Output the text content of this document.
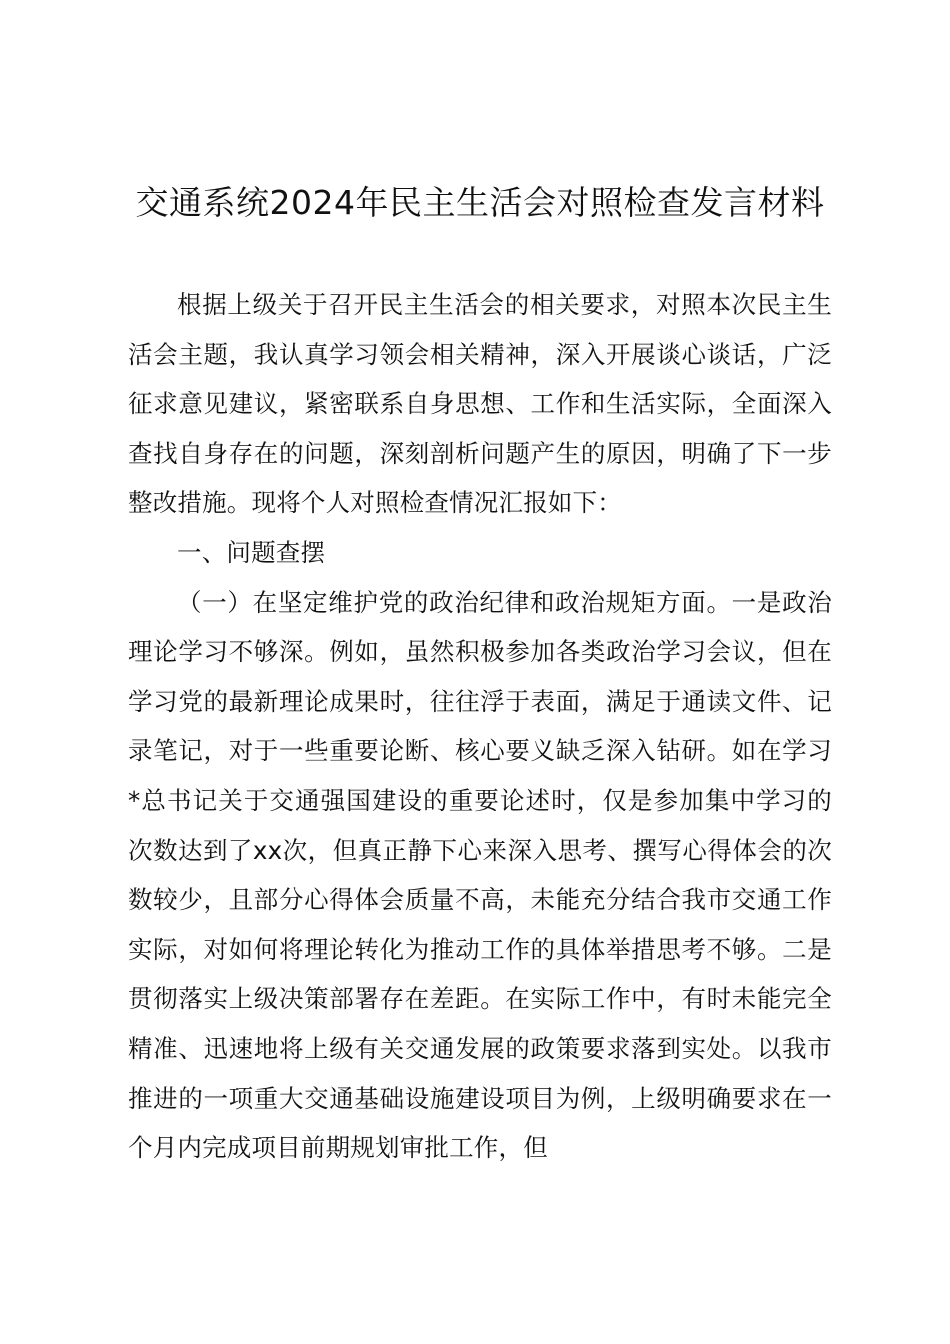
交通系统2024年民主生活会对照检查发言材料

根据上级关于召开民主生活会的相关要求，对照本次民主生活会主题，我认真学习领会相关精神，深入开展谈心谈话，广泛征求意见建议，紧密联系自身思想、工作和生活实际，全面深入查找自身存在的问题，深刻剖析问题产生的原因，明确了下一步整改措施。现将个人对照检查情况汇报如下：

一、问题查摆

（一）在坚定维护党的政治纪律和政治规矩方面。一是政治理论学习不够深。例如，虽然积极参加各类政治学习会议，但在学习党的最新理论成果时，往往浮于表面，满足于通读文件、记录笔记，对于一些重要论断、核心要义缺乏深入钻研。如在学习*总书记关于交通强国建设的重要论述时，仅是参加集中学习的次数达到了xx次，但真正静下心来深入思考、撰写心得体会的次数较少，且部分心得体会质量不高，未能充分结合我市交通工作实际，对如何将理论转化为推动工作的具体举措思考不够。二是贯彻落实上级决策部署存在差距。在实际工作中，有时未能完全精准、迅速地将上级有关交通发展的政策要求落到实处。以我市推进的一项重大交通基础设施建设项目为例，上级明确要求在一个月内完成项目前期规划审批工作，但
